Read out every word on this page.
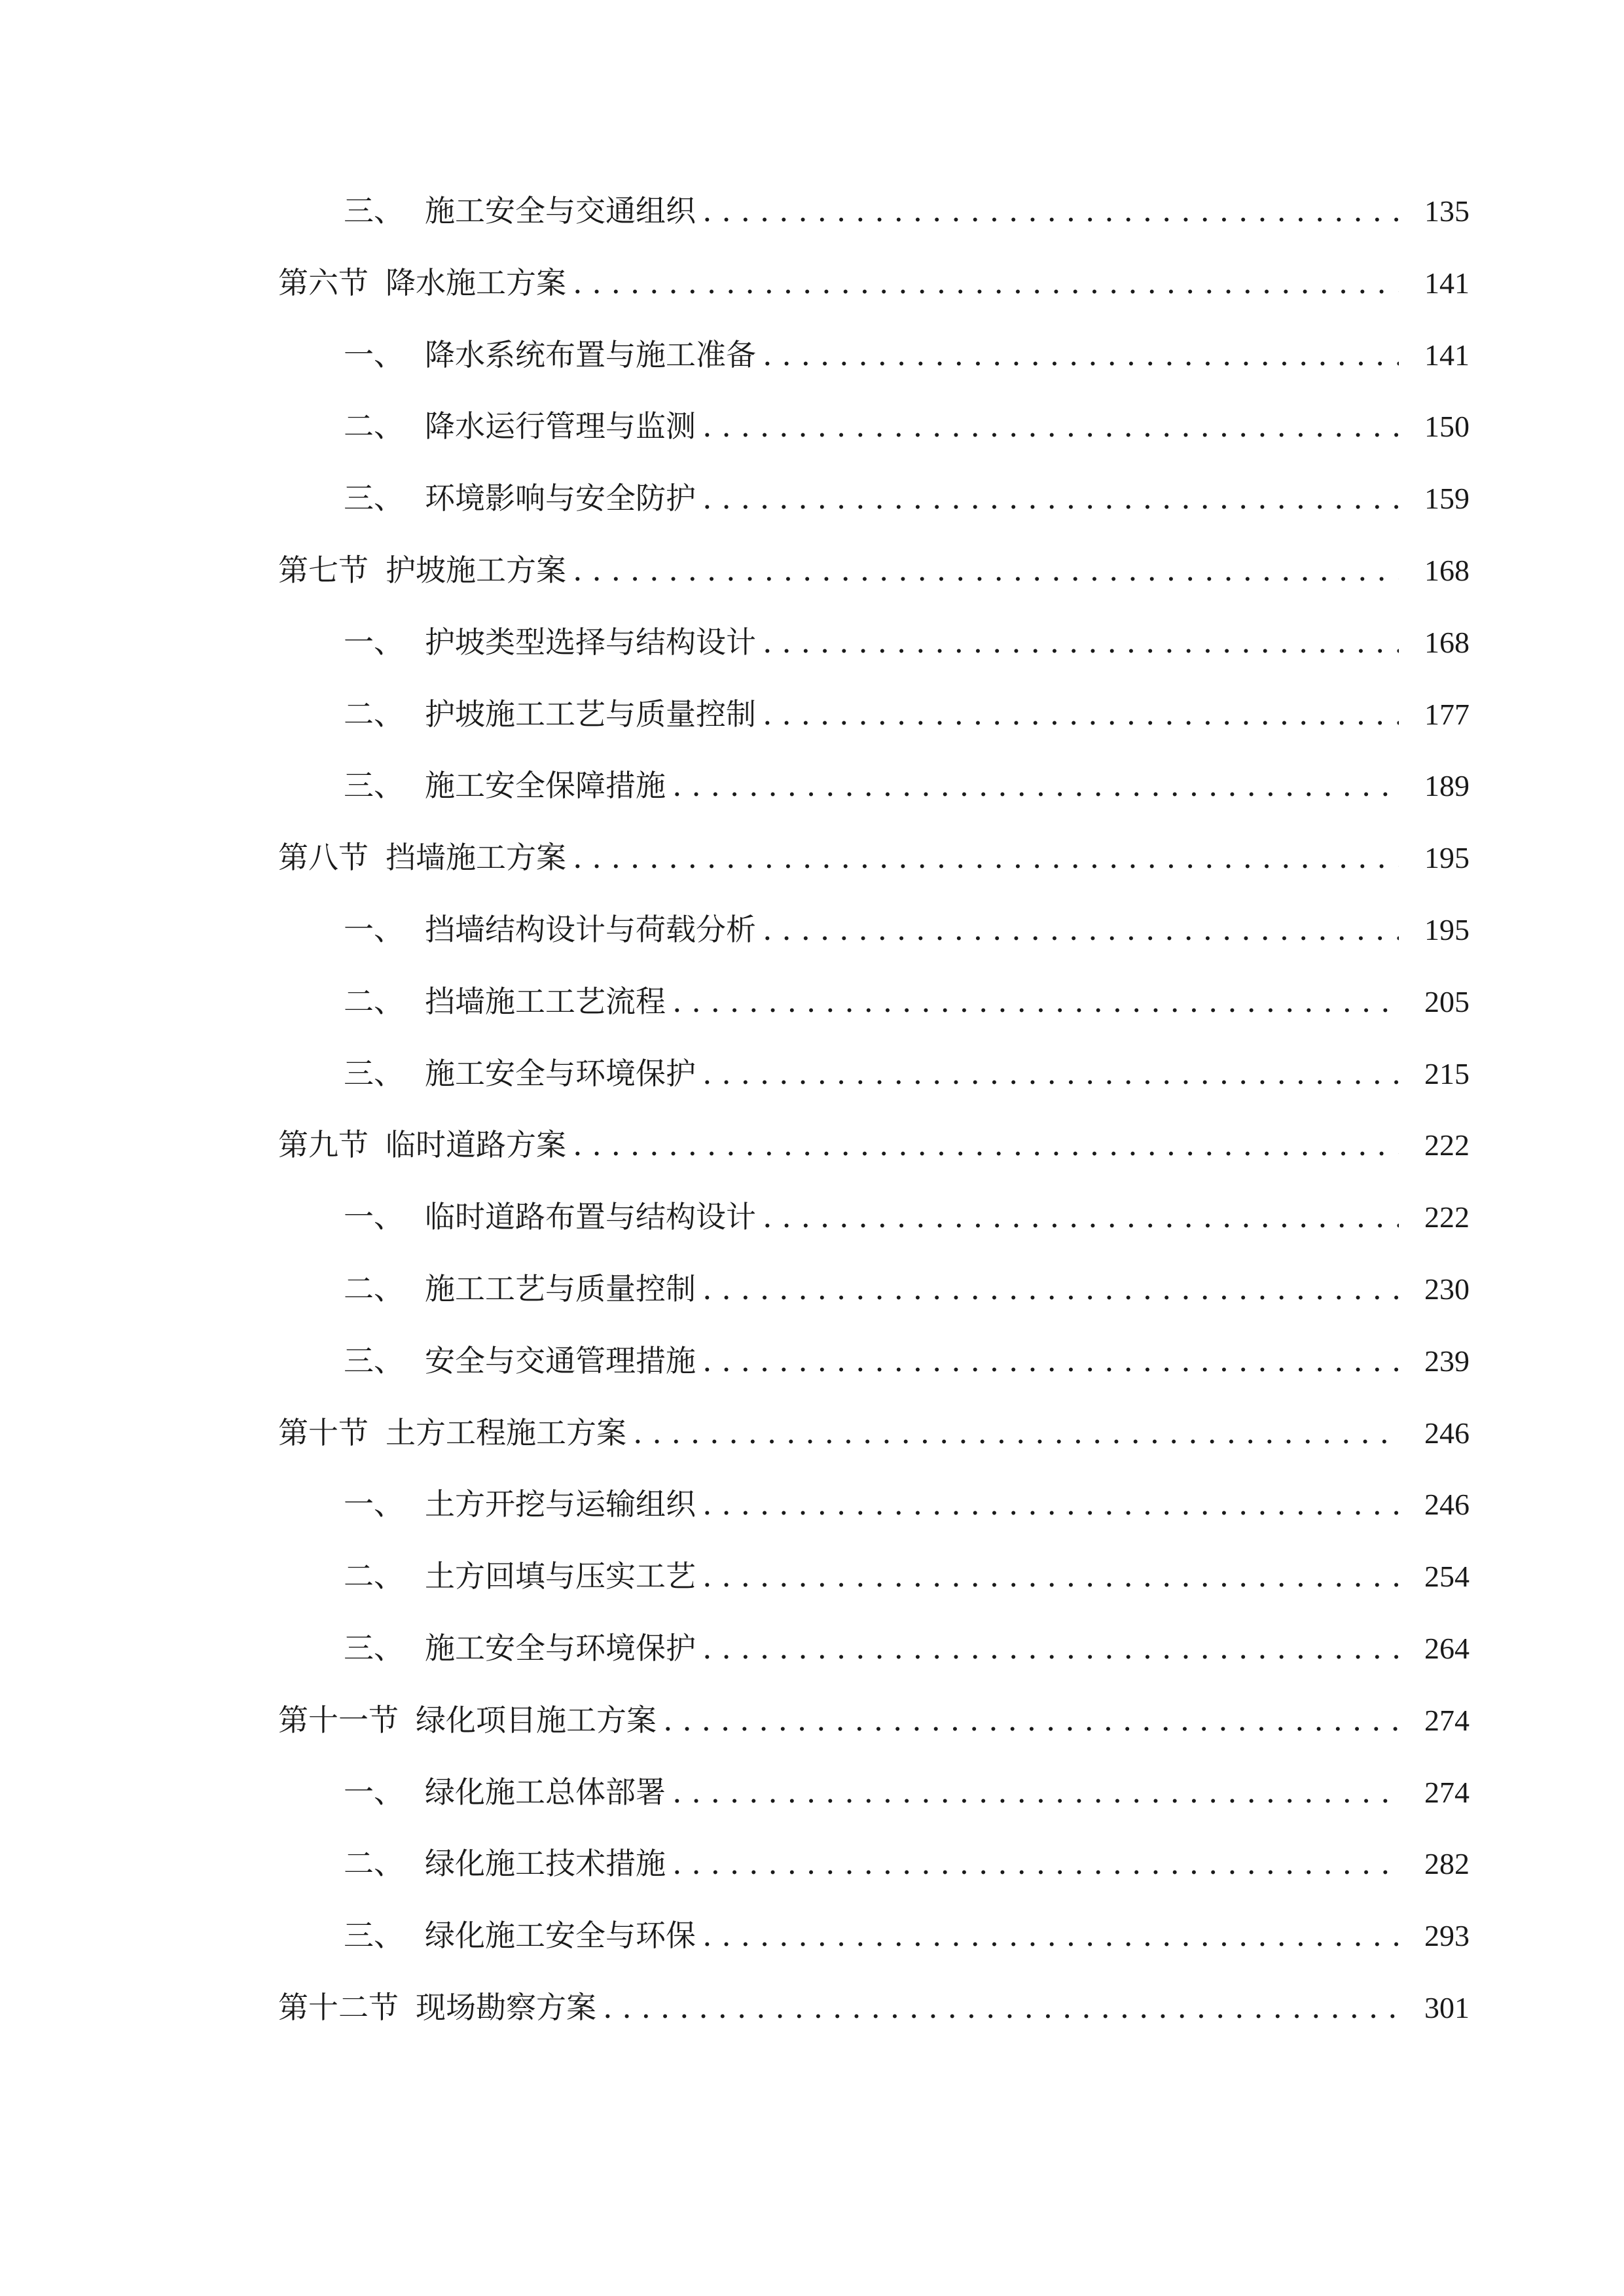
三、 施工安全与交通组织 . . .	135
第六节 降水施工方案 . . .	141
一、 降水系统布置与施工准备 . . .	141
二、 降水运行管理与监测 . . .	150
三、 环境影响与安全防护 . . .	159
第七节 护坡施工方案 . . .	168
一、 护坡类型选择与结构设计 . . .	168
二、 护坡施工工艺与质量控制 . . .	177
三、 施工安全保障措施 . . .	189
第八节 挡墙施工方案 . . .	195
一、 挡墙结构设计与荷载分析 . . .	195
二、 挡墙施工工艺流程 . . .	205
三、 施工安全与环境保护 . . .	215
第九节 临时道路方案 . . .	222
一、 临时道路布置与结构设计 . . .	222
二、 施工工艺与质量控制 . . .	230
三、 安全与交通管理措施 . . .	239
第十节 土方工程施工方案 . . .	246
一、 土方开挖与运输组织 . . .	246
二、 土方回填与压实工艺 . . .	254
三、 施工安全与环境保护 . . .	264
第十一节 绿化项目施工方案 . . .	274
一、 绿化施工总体部署 . . .	274
二、 绿化施工技术措施 . . .	282
三、 绿化施工安全与环保 . . .	293
第十二节 现场勘察方案 . . .	301
